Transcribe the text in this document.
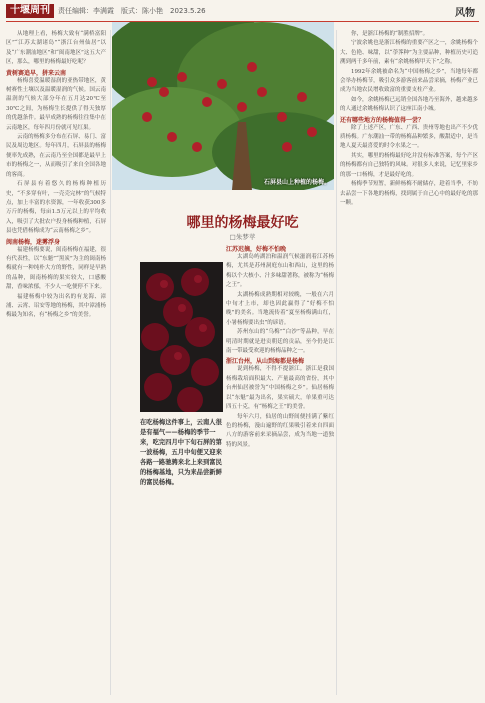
十堰周刊	责任编辑：李满霞　版式：陈小艳　2023.5.26	风物

从地理上看，杨梅大致有“满桥富阳区”“江苏太湖诸岛”“浙江台州仙居”以及“广东潮汕地区”和“闽南地区”这五大产区，那么，哪里的杨梅最好吃呢？

黄树赛追早，拼来云南

杨梅喜爱温暖湿润的亚热带地区，黄树赛性土壤以及温暖湿润的气候。国云南温润的气候大部分年在五月达20℃至30℃之间，为杨梅生长提供了得天独厚的优越条件。最早成熟的杨梅往往集中在云南地区，每年四月份就可见红果。

云南的杨梅多分布在石屏、易门、富民及周边地区。每年四月，石屏县的杨梅便率先成熟，在云南乃至全国都是最早上市的杨梅之一，从而吸引了来自全国各地的客商。

石屏县有着悠久的杨梅种植历史，“不多穿有叶，一壳壳完林”的气候特点，加上丰富的水资源，一年收获300多万斤的杨梅，每亩1.5万元以上的平均收入，吸引了大批农户投身杨梅种植，石屏县也凭借杨梅成为“云南杨梅之乡”。

闽南杨梅，迷雾浮身

福建杨梅要说，闽南杨梅在福建，很有代表性，以“东魁”“黑炭”为主的闽南杨梅就有一种纯朴大方的野性，同样是早熟的品种，闽南杨梅的果实较大，口感酸甜，香味浓郁，不少人一吃便停不下来。

福建杨梅中较为出名的有龙海、漳浦、云霄、诏安等地的杨梅，其中漳浦杨梅最为知名，有“杨梅之乡”的美誉。

石屏县山上种植的杨梅。
哪里的杨梅最好吃
□朱梦苹
在吃杨梅这件事上，云南人很是有福气——杨梅的季节一来，吃完四月中下旬石屏的第一波杨梅，五月中旬便又迎来各路一路驰骋来北上来到富民的杨梅基地，只为来品尝新鲜的富民杨梅。

江苏迟摘，好梅不怕晚

太湖岛屿湖泊和温润气候滋润着江苏杨梅，尤其是苏州洞庭东山和西山，这里的杨梅以个大核小、汁多味甜著称，被称为“杨梅之王”。

太湖杨梅成熟期相对较晚，一般在六月中旬才上市，却也因此赢得了“好梅不怕晚”的美名。当地流传着“夏至杨梅满山红，小暑杨梅要出虫”的谚语。

苏州东山的“乌梅”“白沙”等品种，早在明清时期就是进贡朝廷的贡品，至今仍是江南一带最受欢迎的杨梅品种之一。

浙江台州，从山到海都是杨梅

说到杨梅，不得不提浙江。浙江是我国杨梅栽培面积最大、产量最高的省份，其中台州仙居被誉为“中国杨梅之乡”。仙居杨梅以“东魁”最为出名，果实硕大，单果重可达四五十克，有“杨梅之王”的美誉。

每年六月，仙居的山野间便挂满了紫红色的杨梅，漫山遍野的红果吸引着来自四面八方的游客前来采摘品尝，成为当地一道独特的风景。

你，是浙江杨梅的“制胜招牌”。

宁波余姚也是浙江杨梅的重要产区之一，余姚杨梅个大、色艳、味甜，以“荸荠种”为主要品种，种植历史可追溯到两千多年前，素有“余姚杨梅甲天下”之称。

1992年余姚被命名为“中国杨梅之乡”，当地每年都会举办杨梅节，吸引众多游客前来品尝采摘，杨梅产业已成为当地农民增收致富的重要支柱产业。

如今，余姚杨梅已远销全国各地乃至海外，越来越多的人通过余姚杨梅认识了这座江南小城。

还有哪些地方的杨梅值得一尝？

除了上述产区，广东、广西、贵州等地也出产不少优质杨梅。广东潮汕一带的杨梅品种繁多，酸甜适中，是当地人夏天最喜爱的时令水果之一。

其实，哪里的杨梅最好吃并没有标准答案，每个产区的杨梅都有自己独特的风味。对很多人来说，记忆里家乡的那一口杨梅，才是最好吃的。

杨梅季节短暂，新鲜杨梅不耐储存，趁着当季，不妨去品尝一下各地的杨梅，找到属于自己心中的最好吃的那一颗。
